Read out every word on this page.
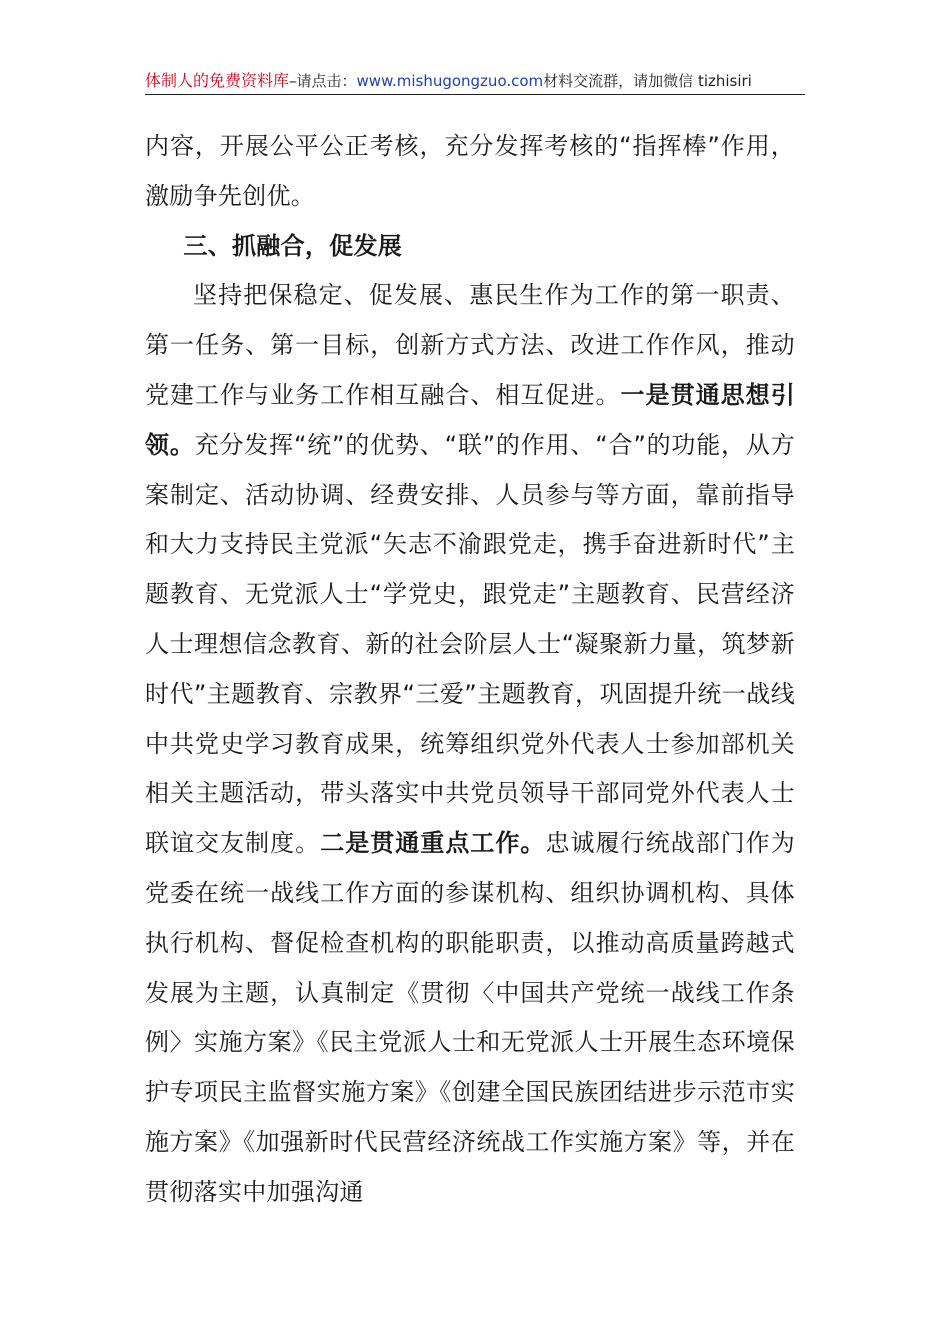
体制人的免费资料库–请点击：www.mishugongzuo.com材料交流群，请加微信 tizhisiri

内容，开展公平公正考核，充分发挥考核的“指挥棒”作用，激励争先创优。

三、抓融合，促发展

坚持把保稳定、促发展、惠民生作为工作的第一职责、第一任务、第一目标，创新方式方法、改进工作作风，推动党建工作与业务工作相互融合、相互促进。一是贯通思想引领。充分发挥“统”的优势、“联”的作用、“合”的功能，从方案制定、活动协调、经费安排、人员参与等方面，靠前指导和大力支持民主党派“矢志不渝跟党走，携手奋进新时代”主题教育、无党派人士“学党史，跟党走”主题教育、民营经济人士理想信念教育、新的社会阶层人士“凝聚新力量，筑梦新时代”主题教育、宗教界“三爱”主题教育，巩固提升统一战线中共党史学习教育成果，统筹组织党外代表人士参加部机关相关主题活动，带头落实中共党员领导干部同党外代表人士联谊交友制度。二是贯通重点工作。忠诚履行统战部门作为党委在统一战线工作方面的参谋机构、组织协调机构、具体执行机构、督促检查机构的职能职责，以推动高质量跨越式发展为主题，认真制定《贯彻〈中国共产党统一战线工作条例〉实施方案》《民主党派人士和无党派人士开展生态环境保护专项民主监督实施方案》《创建全国民族团结进步示范市实施方案》《加强新时代民营经济统战工作实施方案》等，并在贯彻落实中加强沟通
